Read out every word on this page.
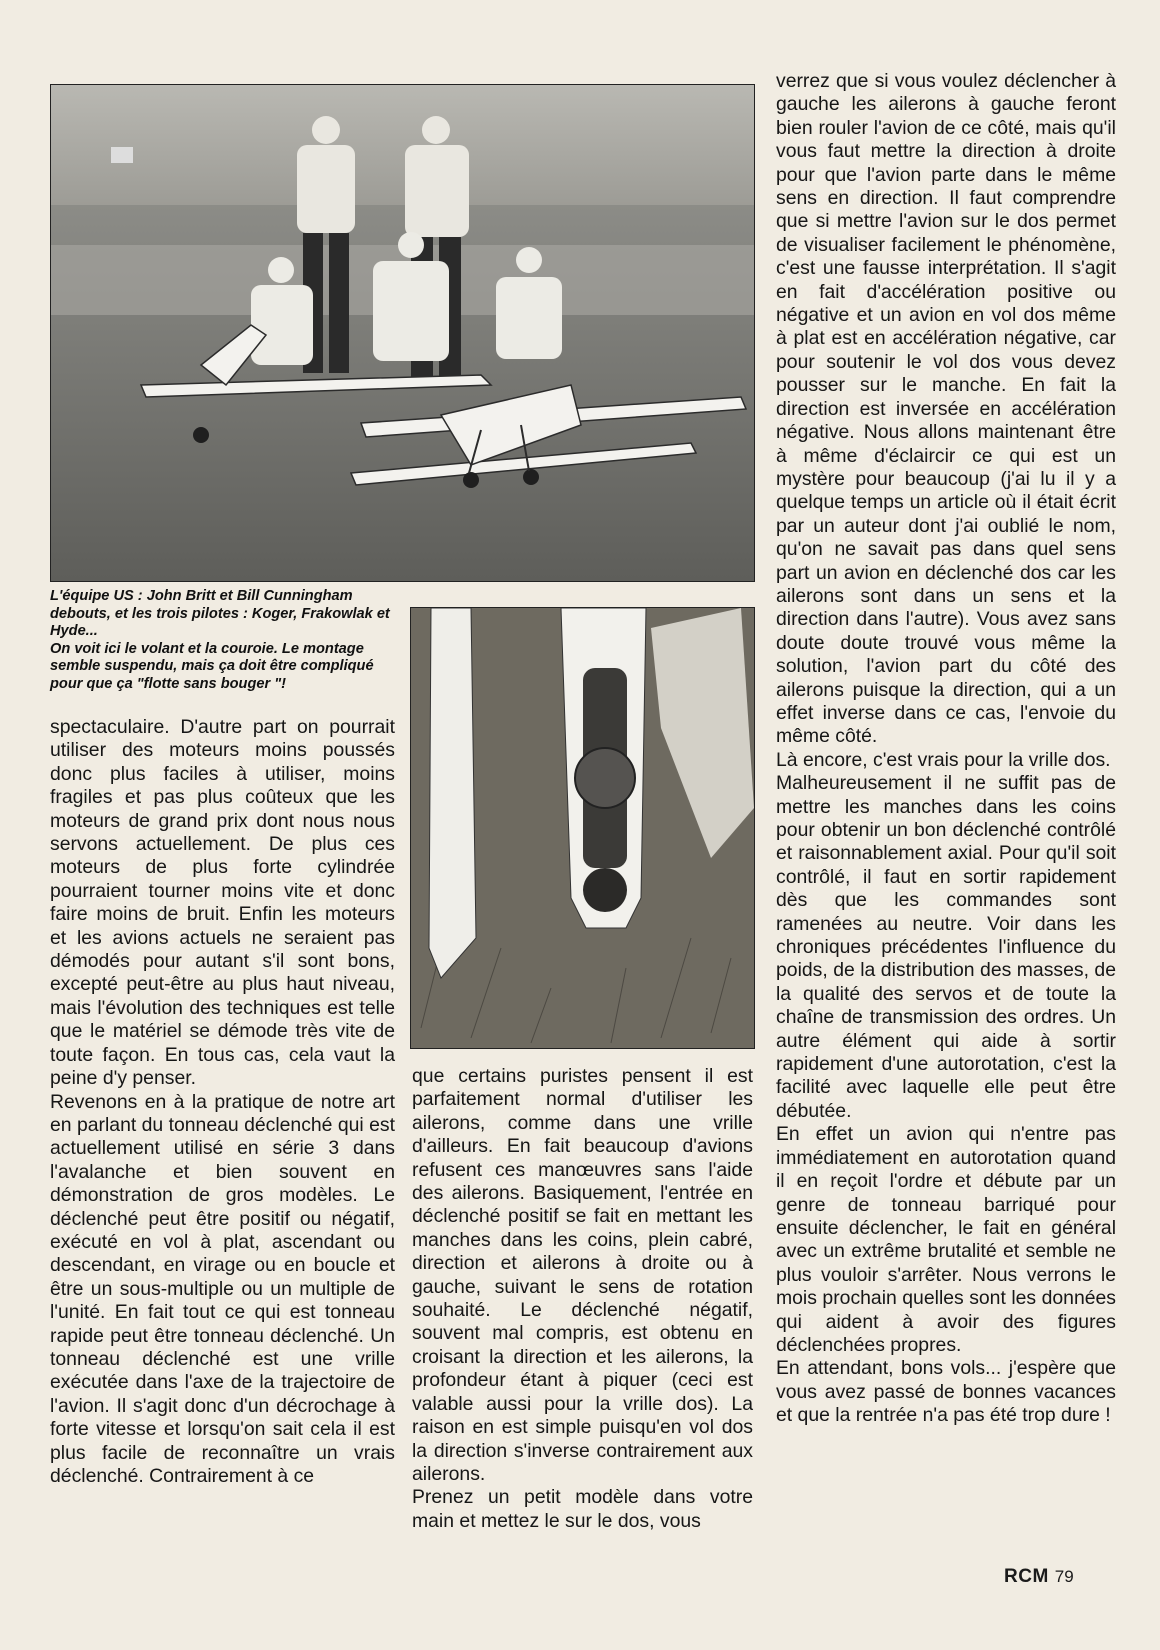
L'équipe US : John Britt et Bill Cunningham debouts, et les trois pilotes : Koger, Frakowlak et Hyde...

On voit ici le volant et la couroie. Le montage semble suspendu, mais ça doit être compliqué pour que ça "flotte sans bouger "!

spectaculaire. D'autre part on pourrait utiliser des moteurs moins poussés donc plus faciles à utiliser, moins fragiles et pas plus coûteux que les moteurs de grand prix dont nous nous servons actuellement. De plus ces moteurs de plus forte cylindrée pourraient tourner moins vite et donc faire moins de bruit. Enfin les moteurs et les avions actuels ne seraient pas démodés pour autant s'il sont bons, excepté peut-être au plus haut niveau, mais l'évolution des techniques est telle que le matériel se démode très vite de toute façon. En tous cas, cela vaut la peine d'y penser.

Revenons en à la pratique de notre art en parlant du tonneau déclenché qui est actuellement utilisé en série 3 dans l'avalanche et bien souvent en démonstration de gros modèles. Le déclenché peut être positif ou négatif, exécuté en vol à plat, ascendant ou descendant, en virage ou en boucle et être un sous-multiple ou un multiple de l'unité. En fait tout ce qui est tonneau rapide peut être tonneau déclenché. Un tonneau déclenché est une vrille exécutée dans l'axe de la trajectoire de l'avion. Il s'agit donc d'un décrochage à forte vitesse et lorsqu'on sait cela il est plus facile de reconnaître un vrais déclenché. Contrairement à ce

que certains puristes pensent il est parfaitement normal d'utiliser les ailerons, comme dans une vrille d'ailleurs. En fait beaucoup d'avions refusent ces manœuvres sans l'aide des ailerons. Basiquement, l'entrée en déclenché positif se fait en mettant les manches dans les coins, plein cabré, direction et ailerons à droite ou à gauche, suivant le sens de rotation souhaité. Le déclenché négatif, souvent mal compris, est obtenu en croisant la direction et les ailerons, la profondeur étant à piquer (ceci est valable aussi pour la vrille dos). La raison en est simple puisqu'en vol dos la direction s'inverse contrairement aux ailerons.

Prenez un petit modèle dans votre main et mettez le sur le dos, vous

verrez que si vous voulez déclencher à gauche les ailerons à gauche feront bien rouler l'avion de ce côté, mais qu'il vous faut mettre la direction à droite pour que l'avion parte dans le même sens en direction. Il faut comprendre que si mettre l'avion sur le dos permet de visualiser facilement le phénomène, c'est une fausse interprétation. Il s'agit en fait d'accélération positive ou négative et un avion en vol dos même à plat est en accélération négative, car pour soutenir le vol dos vous devez pousser sur le manche. En fait la direction est inversée en accélération négative. Nous allons maintenant être à même d'éclaircir ce qui est un mystère pour beaucoup (j'ai lu il y a quelque temps un article où il était écrit par un auteur dont j'ai oublié le nom, qu'on ne savait pas dans quel sens part un avion en déclenché dos car les ailerons sont dans un sens et la direction dans l'autre). Vous avez sans doute doute trouvé vous même la solution, l'avion part du côté des ailerons puisque la direction, qui a un effet inverse dans ce cas, l'envoie du même côté.

Là encore, c'est vrais pour la vrille dos.

Malheureusement il ne suffit pas de mettre les manches dans les coins pour obtenir un bon déclenché contrôlé et raisonnablement axial. Pour qu'il soit contrôlé, il faut en sortir rapidement dès que les commandes sont ramenées au neutre. Voir dans les chroniques précédentes l'influence du poids, de la distribution des masses, de la qualité des servos et de toute la chaîne de transmission des ordres. Un autre élément qui aide à sortir rapidement d'une autorotation, c'est la facilité avec laquelle elle peut être débutée.

En effet un avion qui n'entre pas immédiatement en autorotation quand il en reçoit l'ordre et débute par un genre de tonneau barriqué pour ensuite déclencher, le fait en général avec un extrême brutalité et semble ne plus vouloir s'arrêter. Nous verrons le mois prochain quelles sont les données qui aident à avoir des figures déclenchées propres.

En attendant, bons vols... j'espère que vous avez passé de bonnes vacances et que la rentrée n'a pas été trop dure !

RCM 79
